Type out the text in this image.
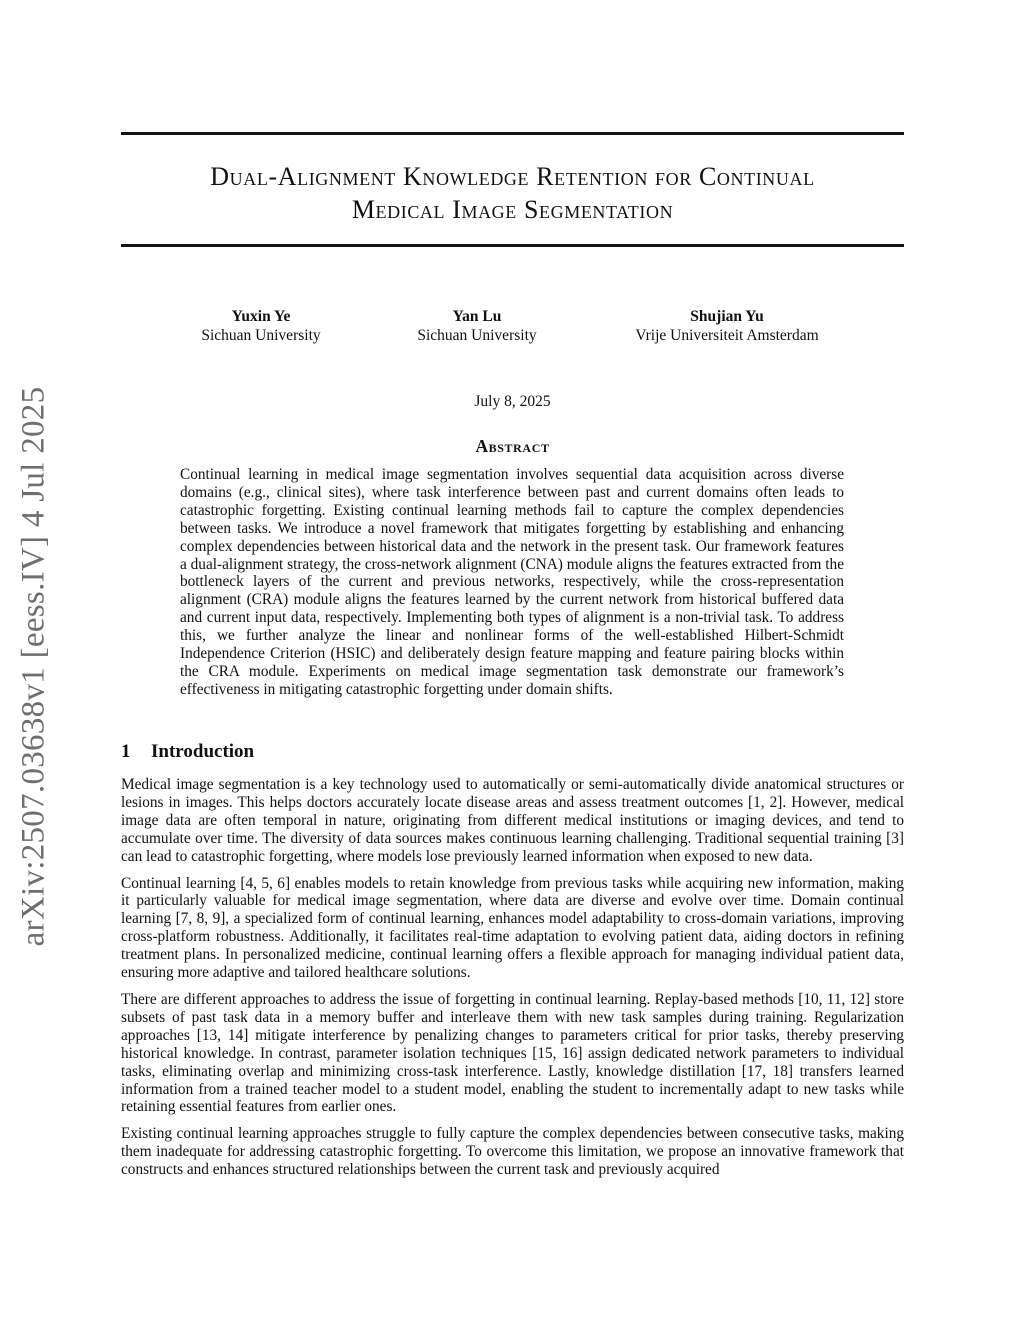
arXiv:2507.03638v1 [eess.IV] 4 Jul 2025
Dual-Alignment Knowledge Retention for Continual
Medical Image Segmentation
Yuxin Ye
Sichuan University
Yan Lu
Sichuan University
Shujian Yu
Vrije Universiteit Amsterdam
July 8, 2025
Abstract

Continual learning in medical image segmentation involves sequential data acquisition across diverse domains (e.g., clinical sites), where task interference between past and current domains often leads to catastrophic forgetting. Existing continual learning methods fail to capture the complex dependencies between tasks. We introduce a novel framework that mitigates forgetting by establishing and enhancing complex dependencies between historical data and the network in the present task. Our framework features a dual-alignment strategy, the cross-network alignment (CNA) module aligns the features extracted from the bottleneck layers of the current and previous networks, respectively, while the cross-representation alignment (CRA) module aligns the features learned by the current network from historical buffered data and current input data, respectively. Implementing both types of alignment is a non-trivial task. To address this, we further analyze the linear and nonlinear forms of the well-established Hilbert-Schmidt Independence Criterion (HSIC) and deliberately design feature mapping and feature pairing blocks within the CRA module. Experiments on medical image segmentation task demonstrate our framework’s effectiveness in mitigating catastrophic forgetting under domain shifts.

1 Introduction

Medical image segmentation is a key technology used to automatically or semi-automatically divide anatomical structures or lesions in images. This helps doctors accurately locate disease areas and assess treatment outcomes [1, 2]. However, medical image data are often temporal in nature, originating from different medical institutions or imaging devices, and tend to accumulate over time. The diversity of data sources makes continuous learning challenging. Traditional sequential training [3] can lead to catastrophic forgetting, where models lose previously learned information when exposed to new data.

Continual learning [4, 5, 6] enables models to retain knowledge from previous tasks while acquiring new information, making it particularly valuable for medical image segmentation, where data are diverse and evolve over time. Domain continual learning [7, 8, 9], a specialized form of continual learning, enhances model adaptability to cross-domain variations, improving cross-platform robustness. Additionally, it facilitates real-time adaptation to evolving patient data, aiding doctors in refining treatment plans. In personalized medicine, continual learning offers a flexible approach for managing individual patient data, ensuring more adaptive and tailored healthcare solutions.

There are different approaches to address the issue of forgetting in continual learning. Replay-based methods [10, 11, 12] store subsets of past task data in a memory buffer and interleave them with new task samples during training. Regularization approaches [13, 14] mitigate interference by penalizing changes to parameters critical for prior tasks, thereby preserving historical knowledge. In contrast, parameter isolation techniques [15, 16] assign dedicated network parameters to individual tasks, eliminating overlap and minimizing cross-task interference. Lastly, knowledge distillation [17, 18] transfers learned information from a trained teacher model to a student model, enabling the student to incrementally adapt to new tasks while retaining essential features from earlier ones.

Existing continual learning approaches struggle to fully capture the complex dependencies between consecutive tasks, making them inadequate for addressing catastrophic forgetting. To overcome this limitation, we propose an innovative framework that constructs and enhances structured relationships between the current task and previously acquired
